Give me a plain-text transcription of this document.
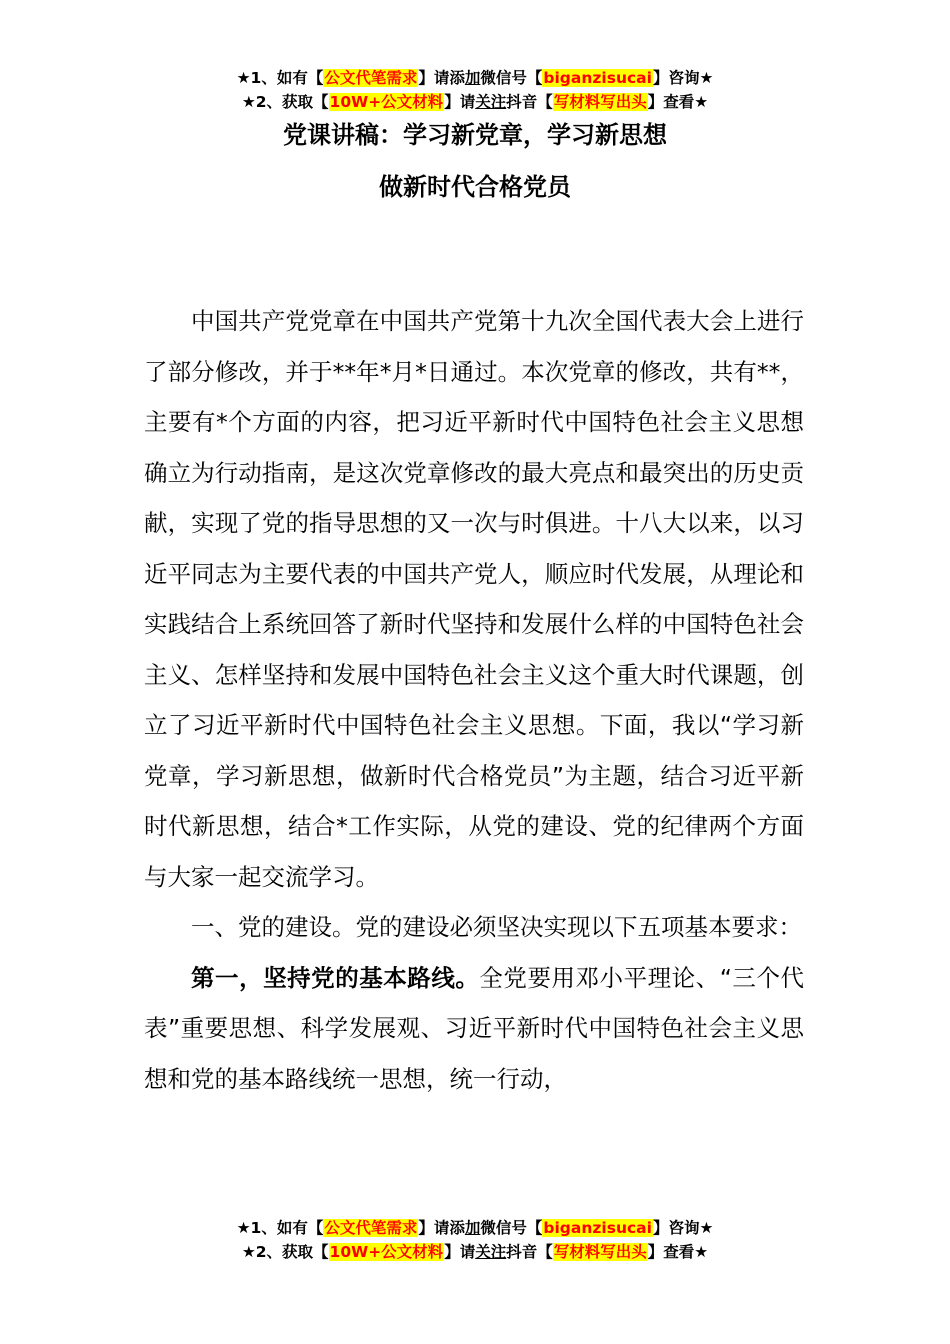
★1、如有【公文代笔需求】请添加微信号【biganzisucai】咨询★
★2、获取【10W+公文材料】请关注抖音【写材料写出头】查看★
党课讲稿：学习新党章，学习新思想
做新时代合格党员

中国共产党党章在中国共产党第十九次全国代表大会上进行了部分修改，并于**年*月*日通过。本次党章的修改，共有**，主要有*个方面的内容，把习近平新时代中国特色社会主义思想确立为行动指南，是这次党章修改的最大亮点和最突出的历史贡献，实现了党的指导思想的又一次与时俱进。十八大以来，以习近平同志为主要代表的中国共产党人，顺应时代发展，从理论和实践结合上系统回答了新时代坚持和发展什么样的中国特色社会主义、怎样坚持和发展中国特色社会主义这个重大时代课题，创立了习近平新时代中国特色社会主义思想。下面，我以“学习新党章，学习新思想，做新时代合格党员”为主题，结合习近平新时代新思想，结合*工作实际，从党的建设、党的纪律两个方面与大家一起交流学习。

一、党的建设。党的建设必须坚决实现以下五项基本要求：

第一，坚持党的基本路线。全党要用邓小平理论、“三个代表”重要思想、科学发展观、习近平新时代中国特色社会主义思想和党的基本路线统一思想，统一行动，

★1、如有【公文代笔需求】请添加微信号【biganzisucai】咨询★
★2、获取【10W+公文材料】请关注抖音【写材料写出头】查看★
